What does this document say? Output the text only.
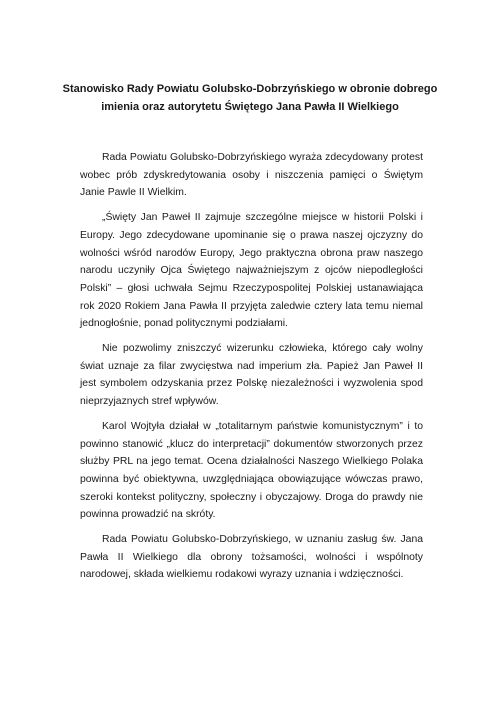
Stanowisko Rady Powiatu Golubsko-Dobrzyńskiego w obronie dobrego
imienia oraz autorytetu Świętego Jana Pawła II Wielkiego

Rada Powiatu Golubsko-Dobrzyńskiego wyraża zdecydowany protest wobec prób zdyskredytowania osoby i niszczenia pamięci o Świętym Janie Pawle II Wielkim.

„Święty Jan Paweł II zajmuje szczególne miejsce w historii Polski i Europy. Jego zdecydowane upominanie się o prawa naszej ojczyzny do wolności wśród narodów Europy, Jego praktyczna obrona praw naszego narodu uczyniły Ojca Świętego najważniejszym z ojców niepodległości Polski” – głosi uchwała Sejmu Rzeczypospolitej Polskiej ustanawiająca rok 2020 Rokiem Jana Pawła II przyjęta zaledwie cztery lata temu niemal jednogłośnie, ponad politycznymi podziałami.

Nie pozwolimy zniszczyć wizerunku człowieka, którego cały wolny świat uznaje za filar zwycięstwa nad imperium zła. Papież Jan Paweł II jest symbolem odzyskania przez Polskę niezależności i wyzwolenia spod nieprzyjaznych stref wpływów.

Karol Wojtyła działał w „totalitarnym państwie komunistycznym” i to powinno stanowić „klucz do interpretacji” dokumentów stworzonych przez służby PRL na jego temat. Ocena działalności Naszego Wielkiego Polaka powinna być obiektywna, uwzględniająca obowiązujące wówczas prawo, szeroki kontekst polityczny, społeczny i obyczajowy. Droga do prawdy nie powinna prowadzić na skróty.

Rada Powiatu Golubsko-Dobrzyńskiego, w uznaniu zasług św. Jana Pawła II Wielkiego dla obrony tożsamości, wolności i wspólnoty narodowej, składa wielkiemu rodakowi wyrazy uznania i wdzięczności.
